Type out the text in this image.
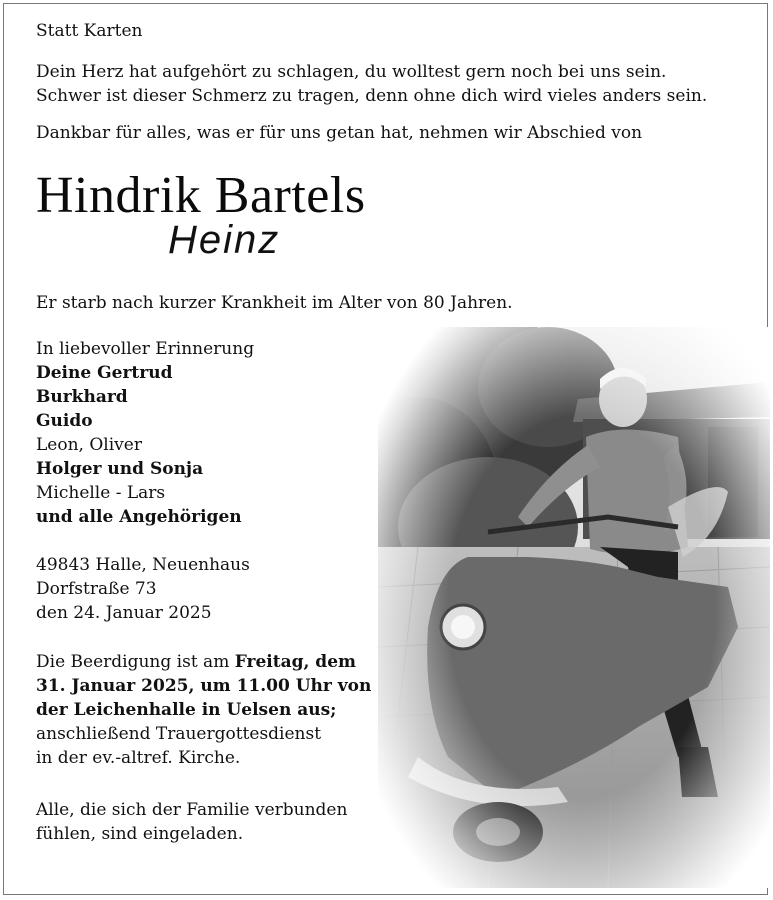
Statt Karten
Dein Herz hat aufgehört zu schlagen, du wolltest gern noch bei uns sein.
Schwer ist dieser Schmerz zu tragen, denn ohne dich wird vieles anders sein.
Dankbar für alles, was er für uns getan hat, nehmen wir Abschied von
Hindrik Bartels
Heinz
Er starb nach kurzer Krankheit im Alter von 80 Jahren.
In liebevoller Erinnerung
Deine Gertrud
Burkhard
Guido
Leon, Oliver
Holger und Sonja
Michelle - Lars
und alle Angehörigen
49843 Halle, Neuenhaus
Dorfstraße 73
den 24. Januar 2025
Die Beerdigung ist am Freitag, dem
31. Januar 2025, um 11.00 Uhr von
der Leichenhalle in Uelsen aus;
anschließend Trauergottesdienst
in der ev.-altref. Kirche.
Alle, die sich der Familie verbunden
fühlen, sind eingeladen.
